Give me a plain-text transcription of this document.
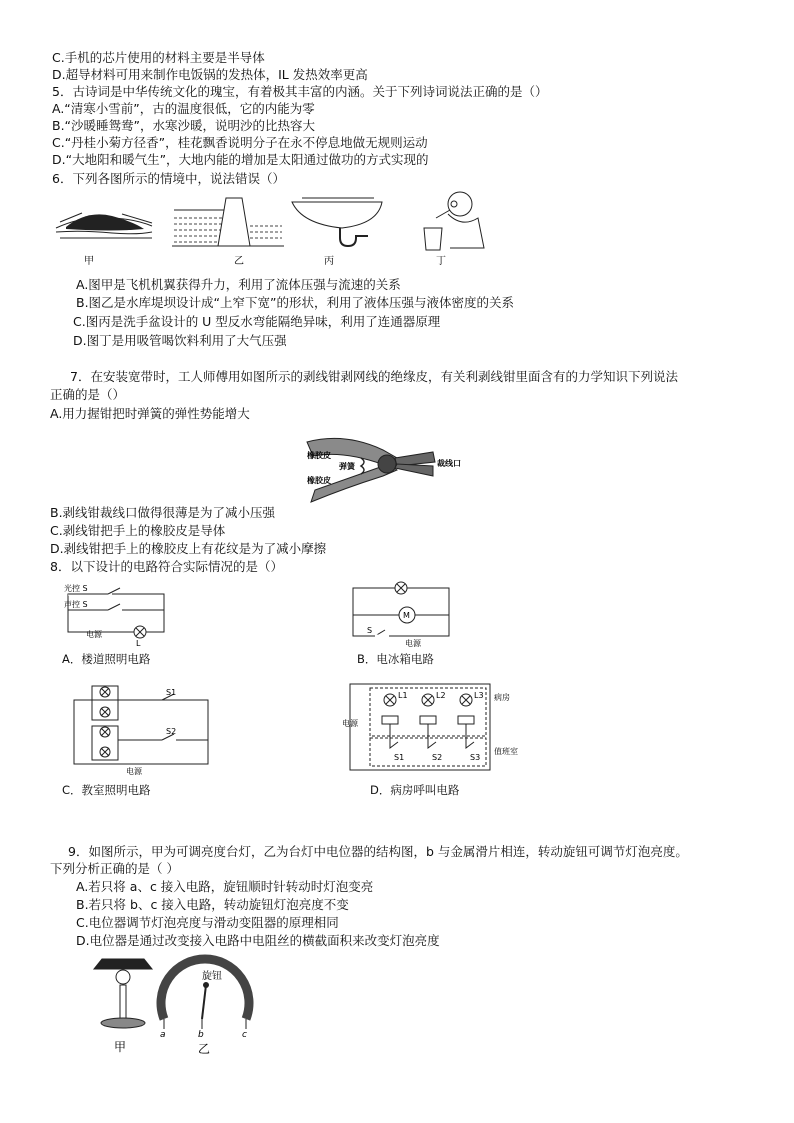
C.手机的芯片使用的材料主要是半导体
D.超导材料可用来制作电饭锅的发热体，IL 发热效率更高
5．古诗词是中华传统文化的瑰宝，有着极其丰富的内涵。关于下列诗词说法正确的是（）
A.“清寒小雪前”，古的温度很低，它的内能为零
B.“沙暖睡鸳鸯”，水寒沙暖，说明沙的比热容大
C.“丹桂小菊方径香”，桂花飘香说明分子在永不停息地做无规则运动
D.“大地阳和暖气生”，大地内能的增加是太阳通过做功的方式实现的
6．下列各图所示的情境中，说法错误（）
甲	乙	丙	丁
A.图甲是飞机机翼获得升力，利用了流体压强与流速的关系
B.图乙是水库堤坝设计成“上窄下宽”的形状，利用了液体压强与液体密度的关系
C.图丙是洗手盆设计的 U 型反水弯能隔绝异味，利用了连通器原理
D.图丁是用吸管喝饮料利用了大气压强
7．在安装宽带时，工人师傅用如图所示的剥线钳剥网线的绝缘皮，有关利剥线钳里面含有的力学知识下列说法
正确的是（）
A.用力握钳把时弹簧的弹性势能增大
橡胶皮
弹簧
橡胶皮
裁线口
B.剥线钳裁线口做得很薄是为了减小压强
C.剥线钳把手上的橡胶皮是导体
D.剥线钳把手上的橡胶皮上有花纹是为了减小摩擦
8．以下设计的电路符合实际情况的是（）
光控 S
声控 S
电源
L
A．楼道照明电路
M
S
电源
B．电冰箱电路
S1
S2
电源
C．教室照明电路
电源
L1	L2	L3 病房
S1	S2	S3
值班室
D．病房呼叫电路
9．如图所示，甲为可调亮度台灯，乙为台灯中电位器的结构图，b 与金属滑片相连，转动旋钮可调节灯泡亮度。
下列分析正确的是（ ）
A.若只将 a、c 接入电路，旋钮顺时针转动时灯泡变亮
B.若只将 b、c 接入电路，转动旋钮灯泡亮度不变
C.电位器调节灯泡亮度与滑动变阻器的原理相同
D.电位器是通过改变接入电路中电阻丝的横截面积来改变灯泡亮度
旋钮
a	b	c
甲	乙
